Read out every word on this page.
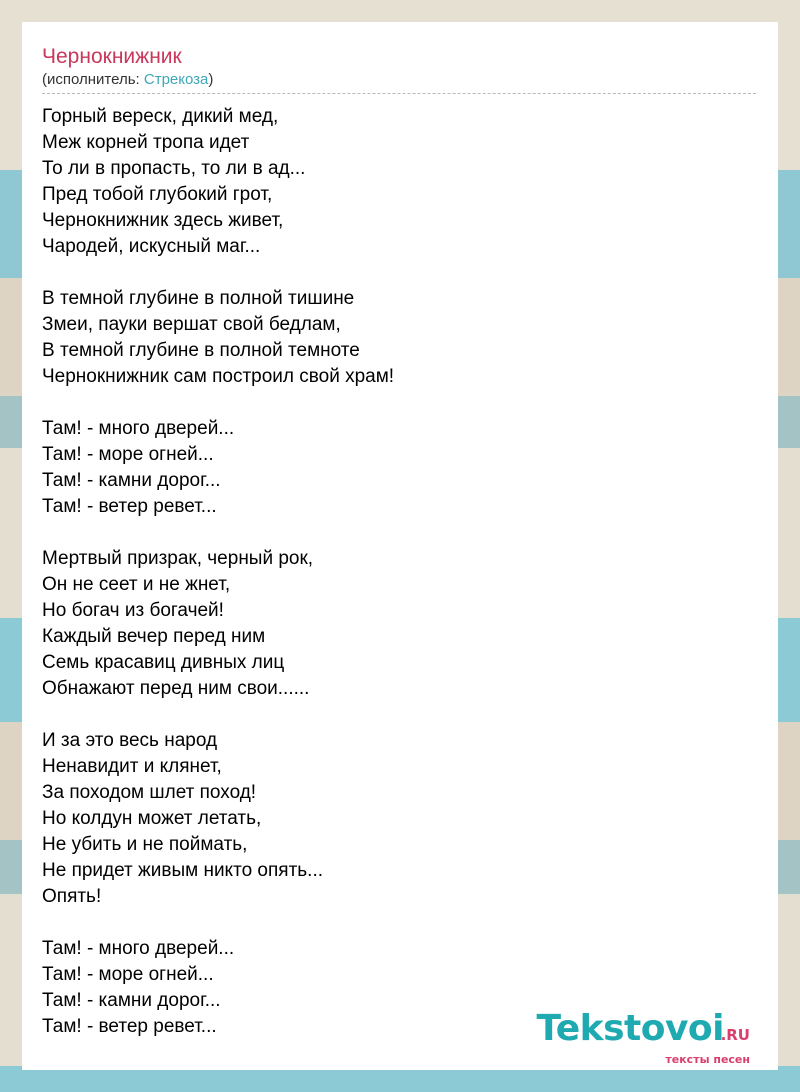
Чернокнижник
(исполнитель: Стрекоза)
Горный вереск, дикий мед,
Меж корней тропа идет
То ли в пропасть, то ли в ад...
Пред тобой глубокий грот,
Чернокнижник здесь живет,
Чародей, искусный маг...
В темной глубине в полной тишине
Змеи, пауки вершат свой бедлам,
В темной глубине в полной темноте
Чернокнижник сам построил свой храм!
Там! - много дверей...
Там! - море огней...
Там! - камни дорог...
Там! - ветер ревет...
Мертвый призрак, черный рок,
Он не сеет и не жнет,
Но богач из богачей!
Каждый вечер перед ним
Семь красавиц дивных лиц
Обнажают перед ним свои......
И за это весь народ
Ненавидит и клянет,
За походом шлет поход!
Но колдун может летать,
Не убить и не поймать,
Не придет живым никто опять...
Опять!
Там! - много дверей...
Там! - море огней...
Там! - камни дорог...
Там! - ветер ревет...	Tekstovoi
.RU
тексты песен
